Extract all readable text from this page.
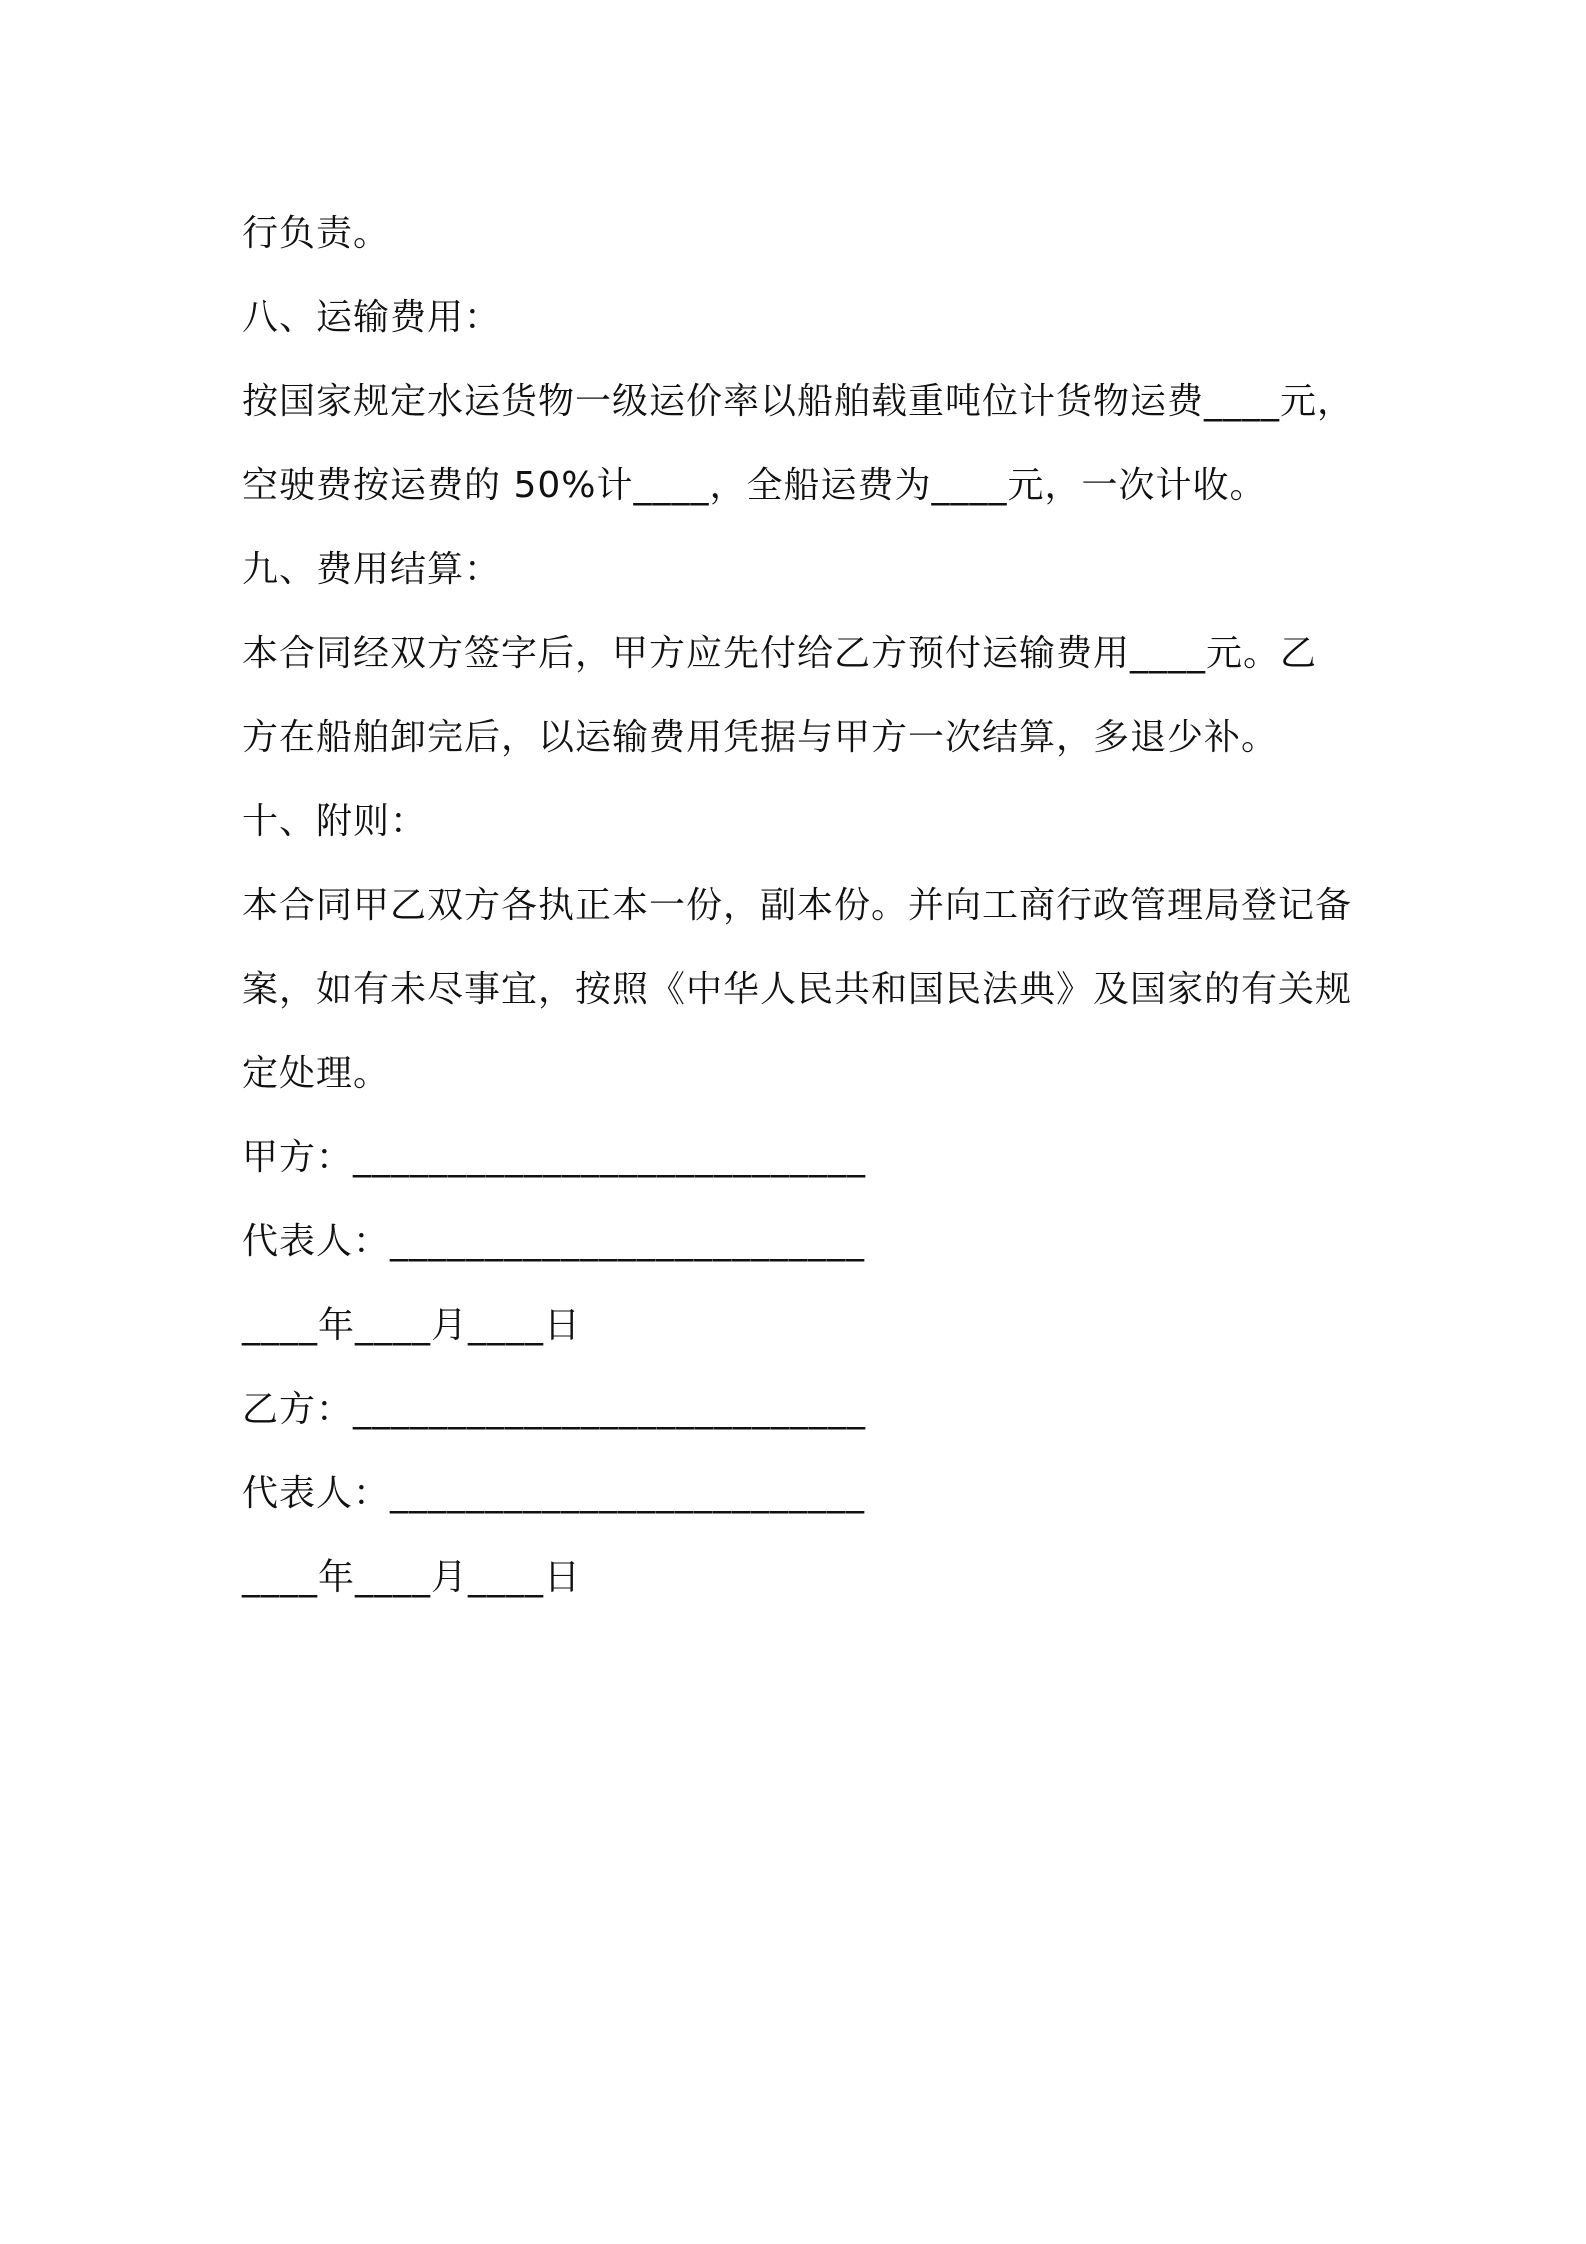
行负责。
八、运输费用：
按国家规定水运货物一级运价率以船舶载重吨位计货物运费____元，
空驶费按运费的 50%计____，全船运费为____元，一次计收。
九、费用结算：
本合同经双方签字后，甲方应先付给乙方预付运输费用____元。乙
方在船舶卸完后，以运输费用凭据与甲方一次结算，多退少补。
十、附则：
本合同甲乙双方各执正本一份，副本份。并向工商行政管理局登记备
案，如有未尽事宜，按照《中华人民共和国民法典》及国家的有关规
定处理。
甲方：___________________________
代表人：_________________________
____年____月____日
乙方：___________________________
代表人：_________________________
____年____月____日
